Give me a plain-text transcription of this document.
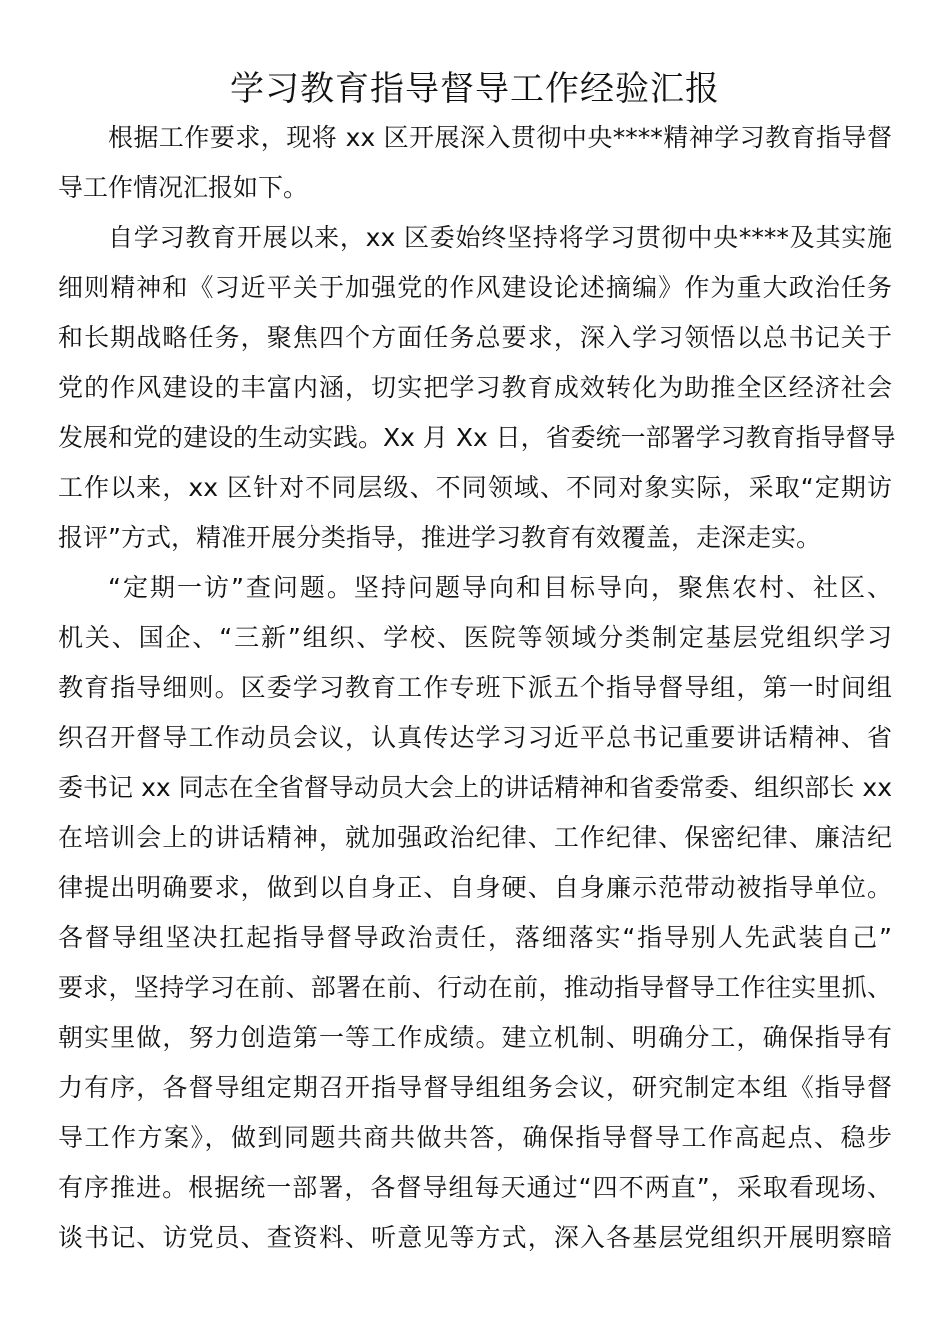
学习教育指导督导工作经验汇报
根据工作要求，现将 xx 区开展深入贯彻中央****精神学习教育指导督
导工作情况汇报如下。
自学习教育开展以来，xx 区委始终坚持将学习贯彻中央****及其实施
细则精神和《习近平关于加强党的作风建设论述摘编》作为重大政治任务
和长期战略任务，聚焦四个方面任务总要求，深入学习领悟以总书记关于
党的作风建设的丰富内涵，切实把学习教育成效转化为助推全区经济社会
发展和党的建设的生动实践。Xx 月 Xx 日，省委统一部署学习教育指导督导
工作以来，xx 区针对不同层级、不同领域、不同对象实际，采取“定期访
报评”方式，精准开展分类指导，推进学习教育有效覆盖，走深走实。
“定期一访”查问题。坚持问题导向和目标导向，聚焦农村、社区、
机关、国企、“三新”组织、学校、医院等领域分类制定基层党组织学习
教育指导细则。区委学习教育工作专班下派五个指导督导组，第一时间组
织召开督导工作动员会议，认真传达学习习近平总书记重要讲话精神、省
委书记 xx 同志在全省督导动员大会上的讲话精神和省委常委、组织部长 xx
在培训会上的讲话精神，就加强政治纪律、工作纪律、保密纪律、廉洁纪
律提出明确要求，做到以自身正、自身硬、自身廉示范带动被指导单位。
各督导组坚决扛起指导督导政治责任，落细落实“指导别人先武装自己”
要求，坚持学习在前、部署在前、行动在前，推动指导督导工作往实里抓、
朝实里做，努力创造第一等工作成绩。建立机制、明确分工，确保指导有
力有序，各督导组定期召开指导督导组组务会议，研究制定本组《指导督
导工作方案》，做到同题共商共做共答，确保指导督导工作高起点、稳步
有序推进。根据统一部署，各督导组每天通过“四不两直”，采取看现场、
谈书记、访党员、查资料、听意见等方式，深入各基层党组织开展明察暗
